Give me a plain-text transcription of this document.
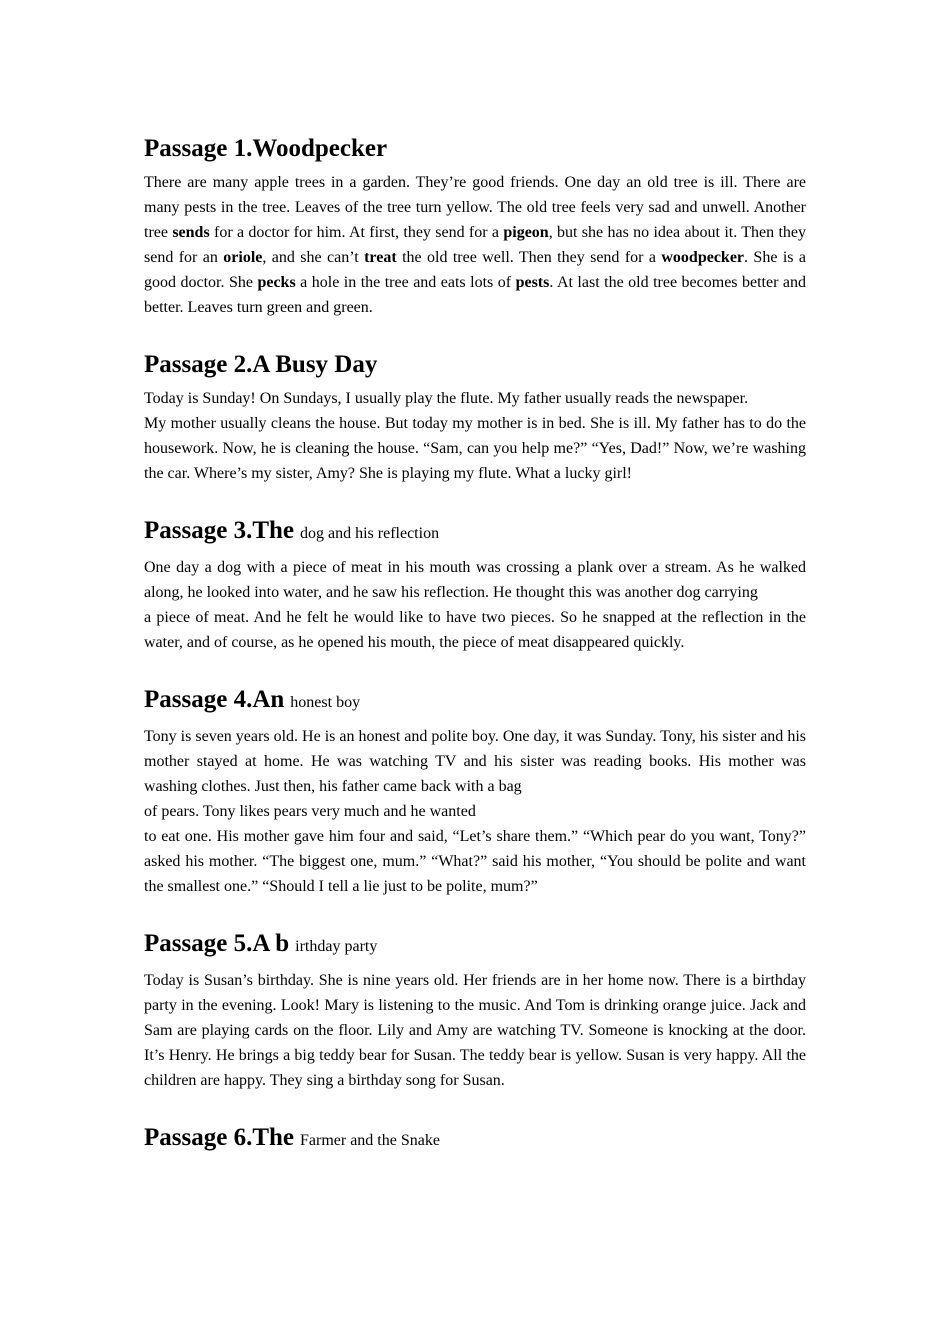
Passage 1.Woodpecker

There are many apple trees in a garden. They’re good friends. One day an old tree is ill. There are many pests in the tree. Leaves of the tree turn yellow. The old tree feels very sad and unwell. Another tree sends for a doctor for him. At first, they send for a pigeon, but she has no idea about it. Then they send for an oriole, and she can’t treat the old tree well. Then they send for a woodpecker. She is a good doctor. She pecks a hole in the tree and eats lots of pests. At last the old tree becomes better and better. Leaves turn green and green.

Passage 2.A Busy Day

Today is Sunday! On Sundays, I usually play the flute. My father usually reads the newspaper.

My mother usually cleans the house. But today my mother is in bed. She is ill. My father has to do the housework. Now, he is cleaning the house. “Sam, can you help me?” “Yes, Dad!” Now, we’re washing the car. Where’s my sister, Amy? She is playing my flute. What a lucky girl!

Passage 3.The dog and his reflection

One day a dog with a piece of meat in his mouth was crossing a plank over a stream. As he walked along, he looked into water, and he saw his reflection. He thought this was another dog carrying

a piece of meat. And he felt he would like to have two pieces. So he snapped at the reflection in the water, and of course, as he opened his mouth, the piece of meat disappeared quickly.

Passage 4.An honest boy

Tony is seven years old. He is an honest and polite boy. One day, it was Sunday. Tony, his sister and his mother stayed at home. He was watching TV and his sister was reading books. His mother was washing clothes. Just then, his father came back with a bag

of pears. Tony likes pears very much and he wanted

to eat one. His mother gave him four and said, “Let’s share them.” “Which pear do you want, Tony?” asked his mother. “The biggest one, mum.” “What?” said his mother, “You should be polite and want the smallest one.” “Should I tell a lie just to be polite, mum?”

Passage 5.A b irthday party

Today is Susan’s birthday. She is nine years old. Her friends are in her home now. There is a birthday party in the evening. Look! Mary is listening to the music. And Tom is drinking orange juice. Jack and Sam are playing cards on the floor. Lily and Amy are watching TV. Someone is knocking at the door. It’s Henry. He brings a big teddy bear for Susan. The teddy bear is yellow. Susan is very happy. All the children are happy. They sing a birthday song for Susan.

Passage 6.The Farmer and the Snake
